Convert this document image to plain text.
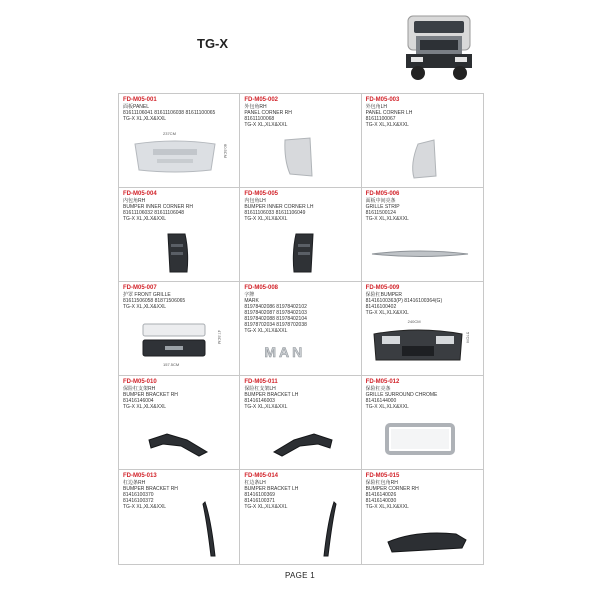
TG-X
FD-M05-001
面板PANEL
81611106041 81611106038 81611100065
TG-X XL,XLX&XXL
237CM
60.5CM
FD-M05-002
外包角RH
PANEL CORNER RH
81611100068
TG-X XL,XLX&XXL
FD-M05-003
外包角LH
PANEL CORNER LH
81611100067
TG-X XL,XLX&XXL
FD-M05-004
内包角RH
BUMPER INNER CORNER RH
81611106032 81611106048
TG-X XL,XLX&XXL
FD-M05-005
内包角LH
BUMPER INNER CORNER LH
81611106033 81611106049
TG-X XL,XLX&XXL
FD-M05-006
面板中间亮条
GRILLE STRIP
81611500124
TG-X XL,XLX&XXL
FD-M05-007
护罩 FRONT GRILLE
81611506058 81871506065
TG-X XL,XLX&XXL
157.5CM
47.5CM
FD-M05-008
字牌
MARK
81978402086 81978402102
81978402087 81978402103
81978402088 81978402104
81978702034 81978702038
TG-X XL,XLX&XXL
MAN
FD-M05-009
保险杠BUMPER
81416100363(P) 81416100364(G)
81416100402
TG-X XL,XLX&XXL
240CM
57CM
FD-M05-010
保险杠支架RH
BUMPER BRACKET RH
81416146004
TG-X XL,XLX&XXL
FD-M05-011
保险杠支架LH
BUMPER BRACKET LH
81416146003
TG-X XL,XLX&XXL
FD-M05-012
保险杠亮条
GRILLE SURROUND CHROME
81416144000
TG-X XL,XLX&XXL
FD-M05-013
杠边条RH
BUMPER BRACKET RH
81416100370
81416100372
TG-X XL,XLX&XXL
FD-M05-014
杠边条LH
BUMPER BRACKET LH
81416100369
81416100371
TG-X XL,XLX&XXL
FD-M05-015
保险杠包角RH
BUMPER CORNER RH
81416140026
81416140030
TG-X XL,XLX&XXL
PAGE 1
